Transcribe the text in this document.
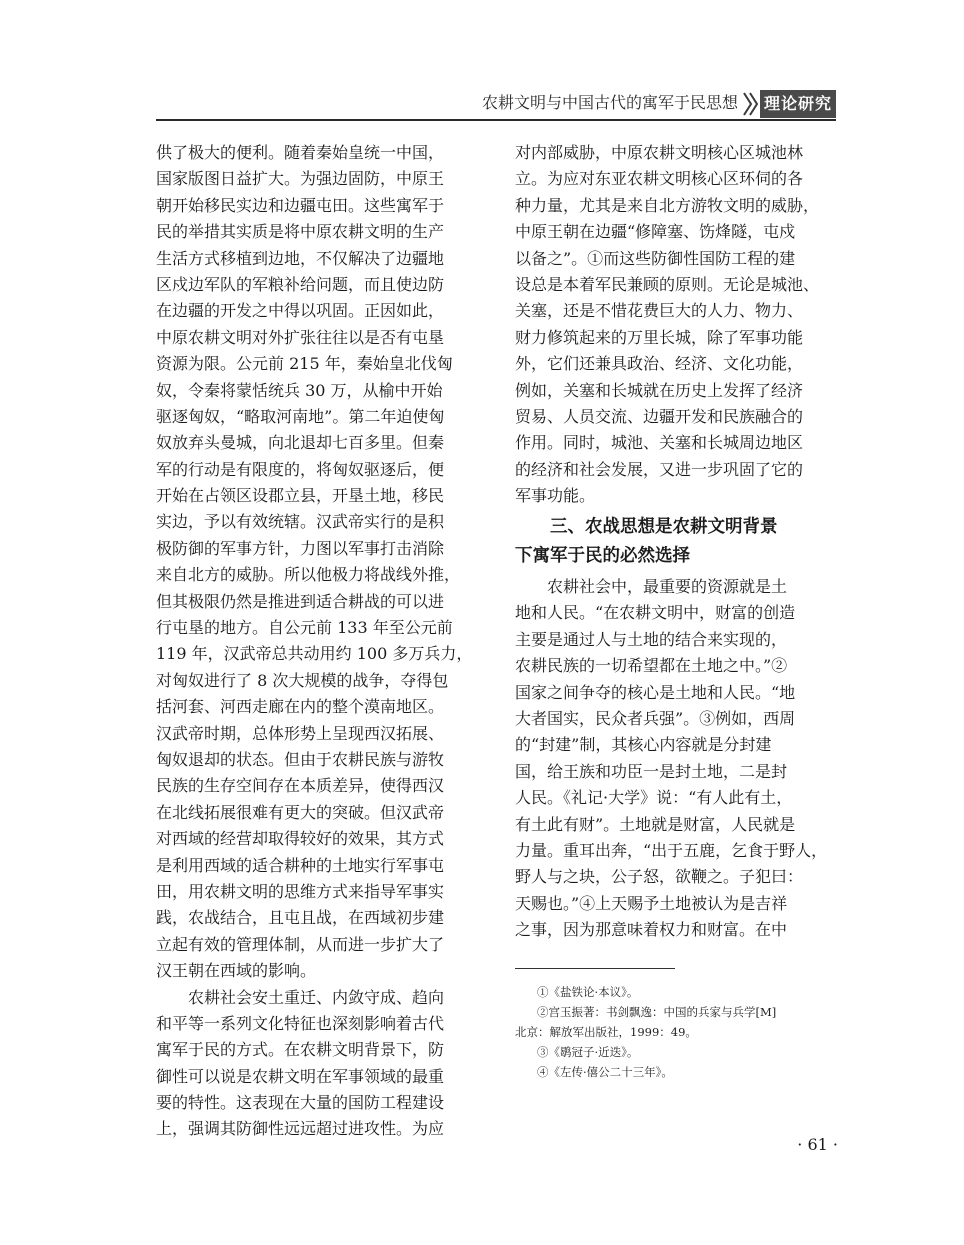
农耕文明与中国古代的寓军于民思想 理论研究
供了极大的便利。随着秦始皇统一中国，
国家版图日益扩大。为强边固防，中原王
朝开始移民实边和边疆屯田。这些寓军于
民的举措其实质是将中原农耕文明的生产
生活方式移植到边地，不仅解决了边疆地
区戍边军队的军粮补给问题，而且使边防
在边疆的开发之中得以巩固。正因如此，
中原农耕文明对外扩张往往以是否有屯垦
资源为限。公元前 215 年，秦始皇北伐匈
奴，令秦将蒙恬统兵 30 万，从榆中开始
驱逐匈奴，“略取河南地”。第二年迫使匈
奴放弃头曼城，向北退却七百多里。但秦
军的行动是有限度的，将匈奴驱逐后，便
开始在占领区设郡立县，开垦土地，移民
实边，予以有效统辖。汉武帝实行的是积
极防御的军事方针，力图以军事打击消除
来自北方的威胁。所以他极力将战线外推，
但其极限仍然是推进到适合耕战的可以进
行屯垦的地方。自公元前 133 年至公元前
119 年，汉武帝总共动用约 100 多万兵力，
对匈奴进行了 8 次大规模的战争，夺得包
括河套、河西走廊在内的整个漠南地区。
汉武帝时期，总体形势上呈现西汉拓展、
匈奴退却的状态。但由于农耕民族与游牧
民族的生存空间存在本质差异，使得西汉
在北线拓展很难有更大的突破。但汉武帝
对西域的经营却取得较好的效果，其方式
是利用西域的适合耕种的土地实行军事屯
田，用农耕文明的思维方式来指导军事实
践，农战结合，且屯且战，在西域初步建
立起有效的管理体制，从而进一步扩大了
汉王朝在西域的影响。
　　农耕社会安土重迁、内敛守成、趋向
和平等一系列文化特征也深刻影响着古代
寓军于民的方式。在农耕文明背景下，防
御性可以说是农耕文明在军事领域的最重
要的特性。这表现在大量的国防工程建设
上，强调其防御性远远超过进攻性。为应
对内部威胁，中原农耕文明核心区城池林
立。为应对东亚农耕文明核心区环伺的各
种力量，尤其是来自北方游牧文明的威胁，
中原王朝在边疆“修障塞、饬烽隧，屯戍
以备之”。①而这些防御性国防工程的建
设总是本着军民兼顾的原则。无论是城池、
关塞，还是不惜花费巨大的人力、物力、
财力修筑起来的万里长城，除了军事功能
外，它们还兼具政治、经济、文化功能，
例如，关塞和长城就在历史上发挥了经济
贸易、人员交流、边疆开发和民族融合的
作用。同时，城池、关塞和长城周边地区
的经济和社会发展，又进一步巩固了它的
军事功能。
　　三、农战思想是农耕文明背景
下寓军于民的必然选择
　　农耕社会中，最重要的资源就是土
地和人民。“在农耕文明中，财富的创造
主要是通过人与土地的结合来实现的，
农耕民族的一切希望都在土地之中。”②
国家之间争夺的核心是土地和人民。“地
大者国实，民众者兵强”。③例如，西周
的“封建”制，其核心内容就是分封建
国，给王族和功臣一是封土地，二是封
人民。《礼记·大学》说：“有人此有土，
有土此有财”。土地就是财富，人民就是
力量。重耳出奔，“出于五鹿，乞食于野人，
野人与之块，公子怒，欲鞭之。子犯曰：
天赐也。”④上天赐予土地被认为是吉祥
之事，因为那意味着权力和财富。在中
①《盐铁论·本议》。
②宫玉振著：书剑飘逸：中国的兵家与兵学[M]
北京：解放军出版社，1999：49。
③《鹖冠子·近迭》。
④《左传·僖公二十三年》。
· 61 ·
